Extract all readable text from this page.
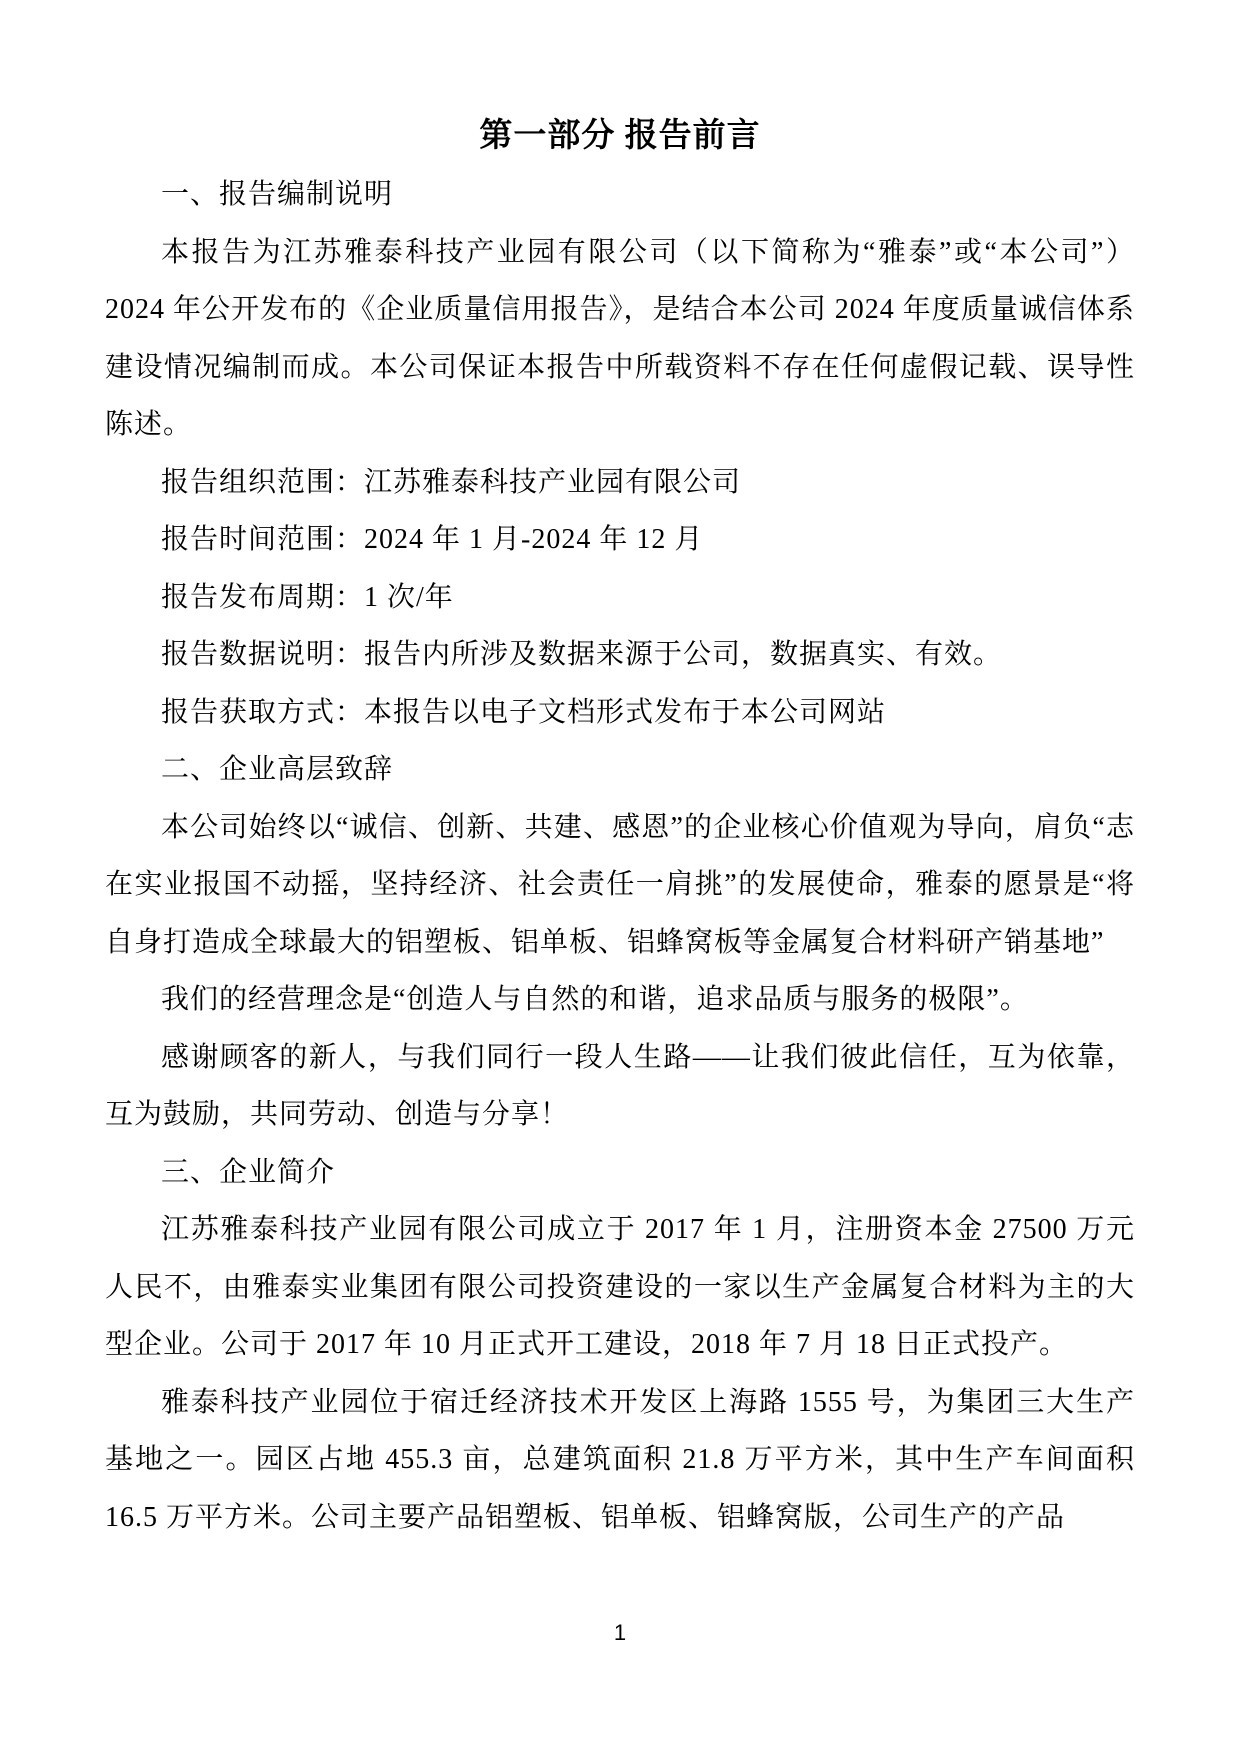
第一部分 报告前言

一、报告编制说明

本报告为江苏雅泰科技产业园有限公司（以下简称为“雅泰”或“本公司”）2024 年公开发布的《企业质量信用报告》，是结合本公司 2024 年度质量诚信体系建设情况编制而成。本公司保证本报告中所载资料不存在任何虚假记载、误导性陈述。

报告组织范围：江苏雅泰科技产业园有限公司

报告时间范围：2024 年 1 月-2024 年 12 月

报告发布周期：1 次/年

报告数据说明：报告内所涉及数据来源于公司，数据真实、有效。

报告获取方式：本报告以电子文档形式发布于本公司网站

二、企业高层致辞

本公司始终以“诚信、创新、共建、感恩”的企业核心价值观为导向，肩负“志在实业报国不动摇，坚持经济、社会责任一肩挑”的发展使命，雅泰的愿景是“将自身打造成全球最大的铝塑板、铝单板、铝蜂窝板等金属复合材料研产销基地”

我们的经营理念是“创造人与自然的和谐，追求品质与服务的极限”。

感谢顾客的新人，与我们同行一段人生路——让我们彼此信任，互为依靠，互为鼓励，共同劳动、创造与分享！

三、企业简介

江苏雅泰科技产业园有限公司成立于 2017 年 1 月，注册资本金 27500 万元人民不，由雅泰实业集团有限公司投资建设的一家以生产金属复合材料为主的大型企业。公司于 2017 年 10 月正式开工建设，2018 年 7 月 18 日正式投产。

雅泰科技产业园位于宿迁经济技术开发区上海路 1555 号，为集团三大生产基地之一。园区占地 455.3 亩，总建筑面积 21.8 万平方米，其中生产车间面积 16.5 万平方米。公司主要产品铝塑板、铝单板、铝蜂窝版，公司生产的产品

1
